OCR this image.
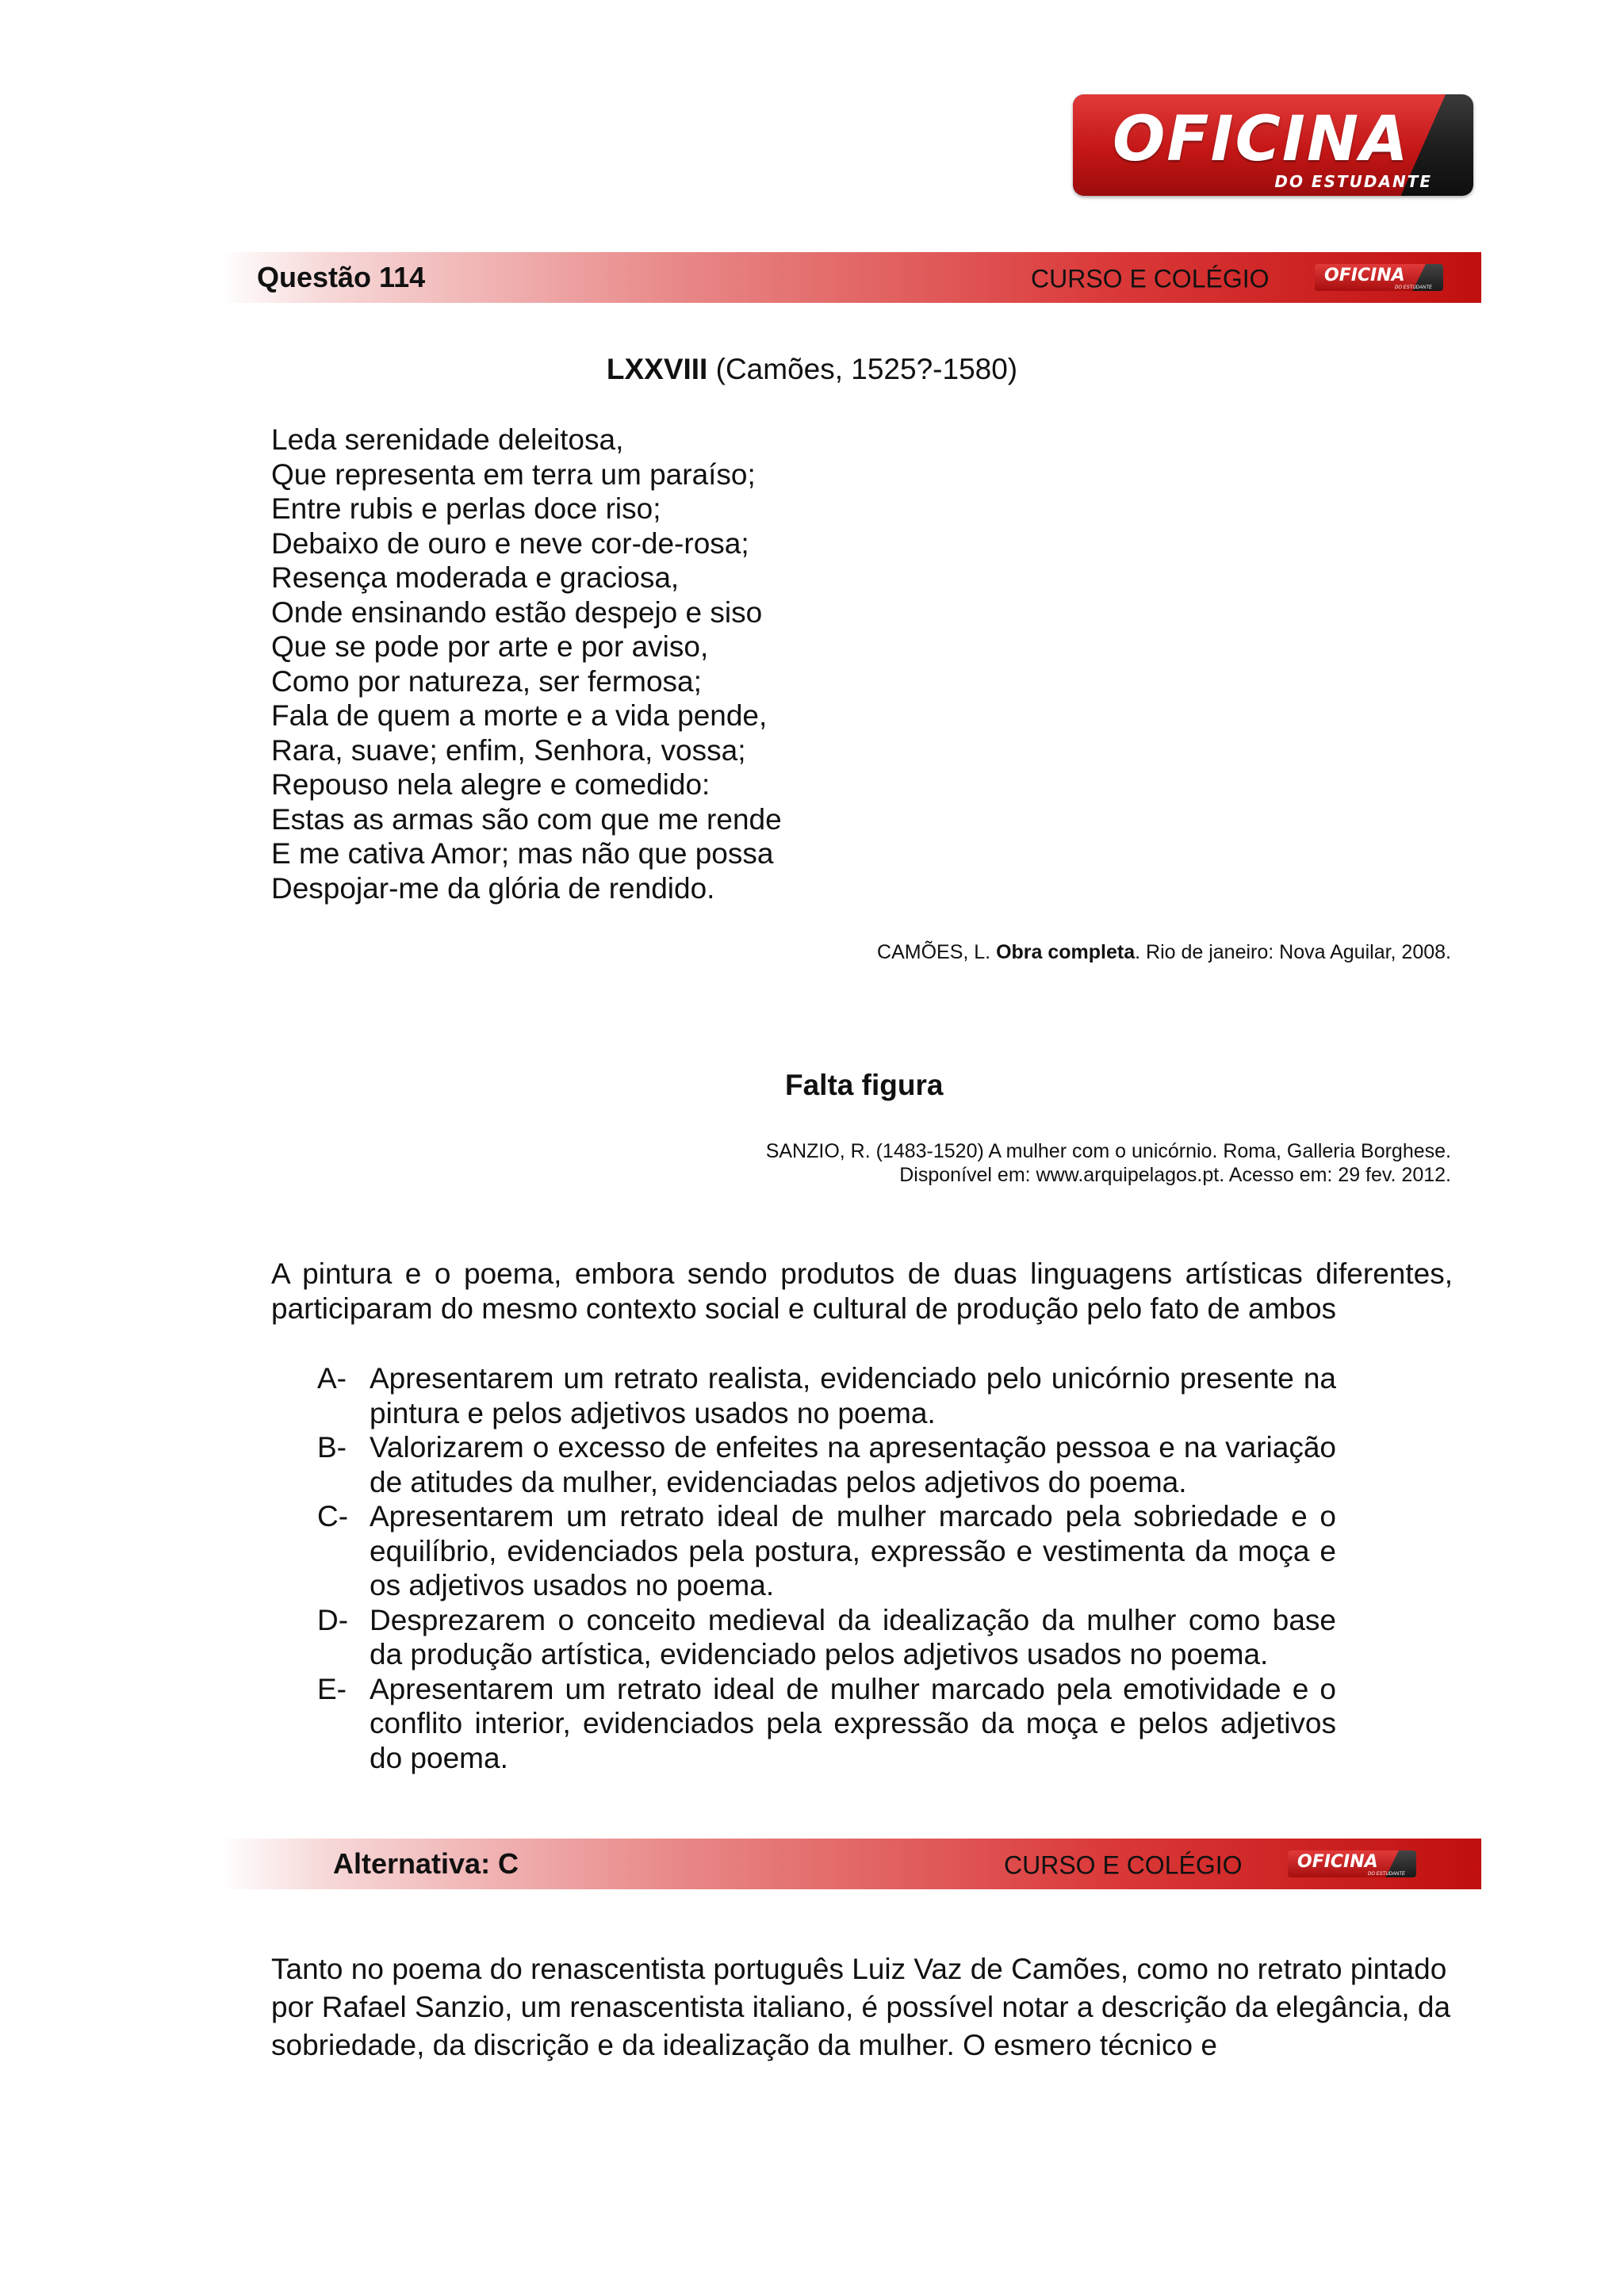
OFICINA
DO ESTUDANTE
Questão 114	CURSO E COLÉGIO	OFICINA
DO ESTUDANTE
LXXVIII (Camões, 1525?-1580)
Leda serenidade deleitosa,
Que representa em terra um paraíso;
Entre rubis e perlas doce riso;
Debaixo de ouro e neve cor-de-rosa;
Resença moderada e graciosa,
Onde ensinando estão despejo e siso
Que se pode por arte e por aviso,
Como por natureza, ser fermosa;
Fala de quem a morte e a vida pende,
Rara, suave; enfim, Senhora, vossa;
Repouso nela alegre e comedido:
Estas as armas são com que me rende
E me cativa Amor; mas não que possa
Despojar-me da glória de rendido.
CAMÕES, L. Obra completa. Rio de janeiro: Nova Aguilar, 2008.
Falta figura
SANZIO, R. (1483-1520) A mulher com o unicórnio. Roma, Galleria Borghese.
Disponível em: www.arquipelagos.pt. Acesso em: 29 fev. 2012.
A pintura e o poema, embora sendo produtos de duas linguagens artísticas diferentes, participaram do mesmo contexto social e cultural de produção pelo fato de ambos
A- Apresentarem um retrato realista, evidenciado pelo unicórnio presente na pintura e pelos adjetivos usados no poema.
B- Valorizarem o excesso de enfeites na apresentação pessoa e na variação de atitudes da mulher, evidenciadas pelos adjetivos do poema.
C- Apresentarem um retrato ideal de mulher marcado pela sobriedade e o equilíbrio, evidenciados pela postura, expressão e vestimenta da moça e os adjetivos usados no poema.
D- Desprezarem o conceito medieval da idealização da mulher como base da produção artística, evidenciado pelos adjetivos usados no poema.
E- Apresentarem um retrato ideal de mulher marcado pela emotividade e o conflito interior, evidenciados pela expressão da moça e pelos adjetivos do poema.
Alternativa: C	CURSO E COLÉGIO	OFICINA
DO ESTUDANTE
Tanto no poema do renascentista português Luiz Vaz de Camões, como no retrato pintado por Rafael Sanzio, um renascentista italiano, é possível notar a descrição da elegância, da sobriedade, da discrição e da idealização da mulher. O esmero técnico e
